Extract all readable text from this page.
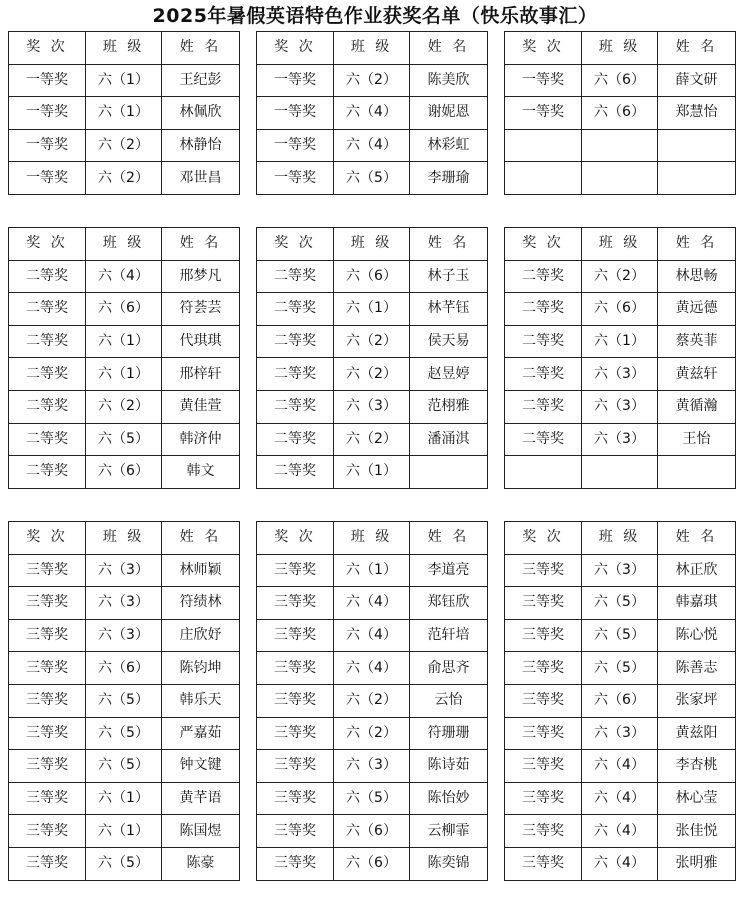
2025年暑假英语特色作业获奖名单（快乐故事汇）
奖 次	班 级	姓 名
一等奖	六（1）	王纪彭
一等奖	六（1）	林佩欣
一等奖	六（2）	林静怡
一等奖	六（2）	邓世昌
奖 次	班 级	姓 名
一等奖	六（2）	陈美欣
一等奖	六（4）	谢妮恩
一等奖	六（4）	林彩虹
一等奖	六（5）	李珊瑜
奖 次	班 级	姓 名
一等奖	六（6）	薛文研
一等奖	六（6）	郑慧怡

奖 次	班 级	姓 名
二等奖	六（4）	邢梦凡
二等奖	六（6）	符荟芸
二等奖	六（1）	代琪琪
二等奖	六（1）	邢梓轩
二等奖	六（2）	黄佳萱
二等奖	六（5）	韩济仲
二等奖	六（6）	韩文
奖 次	班 级	姓 名
二等奖	六（6）	林子玉
二等奖	六（1）	林芊钰
二等奖	六（2）	侯天易
二等奖	六（2）	赵昱婷
二等奖	六（3）	范栩雅
二等奖	六（2）	潘涌淇
二等奖	六（1）	
奖 次	班 级	姓 名
二等奖	六（2）	林思畅
二等奖	六（6）	黄远德
二等奖	六（1）	蔡英菲
二等奖	六（3）	黄兹轩
二等奖	六（3）	黄循瀚
二等奖	六（3）	王怡

奖 次	班 级	姓 名
三等奖	六（3）	林师颖
三等奖	六（3）	符绩林
三等奖	六（3）	庄欣妤
三等奖	六（6）	陈钧坤
三等奖	六（5）	韩乐天
三等奖	六（5）	严嘉茹
三等奖	六（5）	钟文键
三等奖	六（1）	黄芊语
三等奖	六（1）	陈国煜
三等奖	六（5）	陈豪
奖 次	班 级	姓 名
三等奖	六（1）	李道亮
三等奖	六（4）	郑钰欣
三等奖	六（4）	范轩培
三等奖	六（4）	俞思齐
三等奖	六（2）	云怡
三等奖	六（2）	符珊珊
三等奖	六（3）	陈诗茹
三等奖	六（5）	陈怡妙
三等奖	六（6）	云柳霏
三等奖	六（6）	陈奕锦
奖 次	班 级	姓 名
三等奖	六（3）	林正欣
三等奖	六（5）	韩嘉琪
三等奖	六（5）	陈心悦
三等奖	六（5）	陈善志
三等奖	六（6）	张家坪
三等奖	六（3）	黄兹阳
三等奖	六（4）	李杏桃
三等奖	六（4）	林心莹
三等奖	六（4）	张佳悦
三等奖	六（4）	张明雅
